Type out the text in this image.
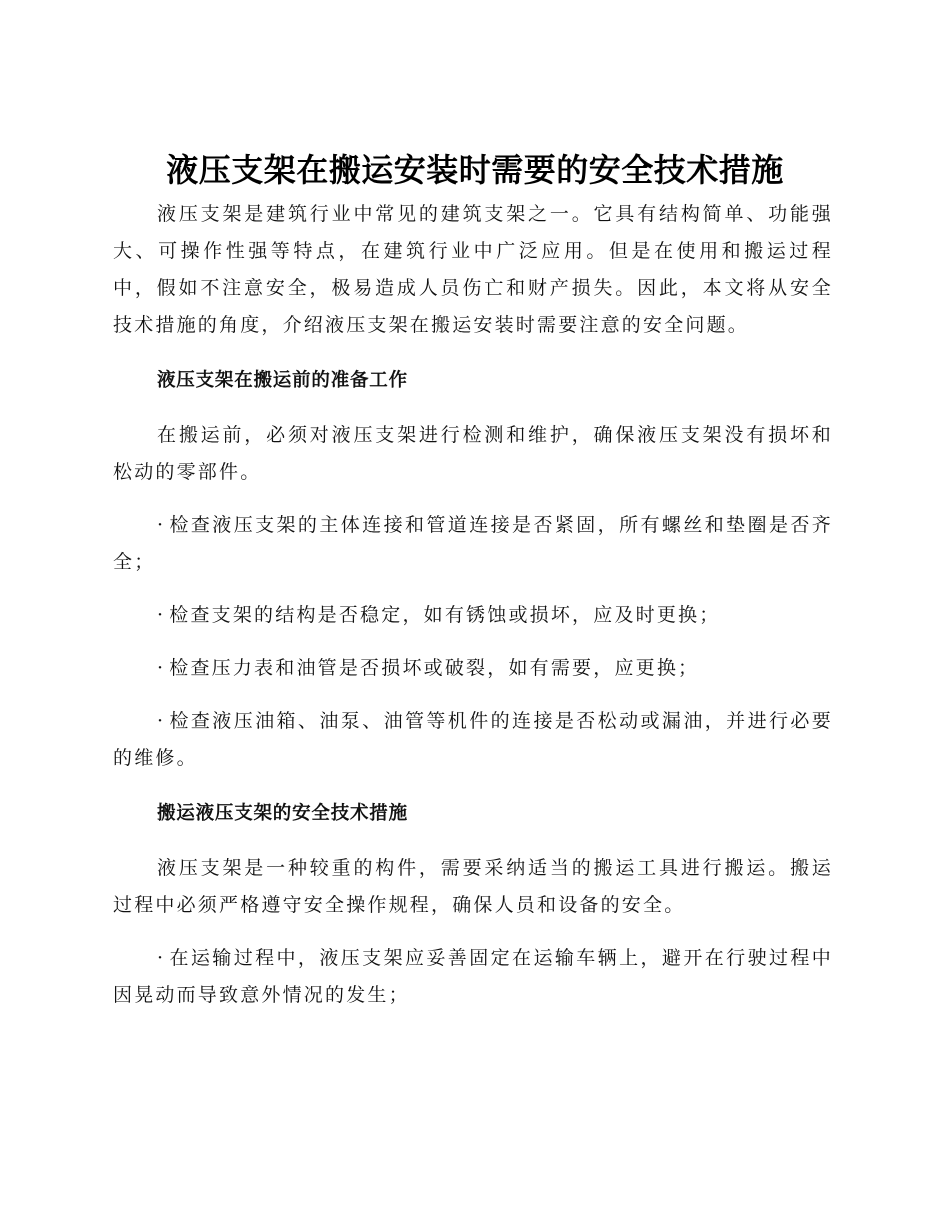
液压支架在搬运安装时需要的安全技术措施

液压支架是建筑行业中常见的建筑支架之一。它具有结构简单、功能强大、可操作性强等特点，在建筑行业中广泛应用。但是在使用和搬运过程中，假如不注意安全，极易造成人员伤亡和财产损失。因此，本文将从安全技术措施的角度，介绍液压支架在搬运安装时需要注意的安全问题。

液压支架在搬运前的准备工作

在搬运前，必须对液压支架进行检测和维护，确保液压支架没有损坏和松动的零部件。

· 检查液压支架的主体连接和管道连接是否紧固，所有螺丝和垫圈是否齐全；

· 检查支架的结构是否稳定，如有锈蚀或损坏，应及时更换；

· 检查压力表和油管是否损坏或破裂，如有需要，应更换；

· 检查液压油箱、油泵、油管等机件的连接是否松动或漏油，并进行必要的维修。

搬运液压支架的安全技术措施

液压支架是一种较重的构件，需要采纳适当的搬运工具进行搬运。搬运过程中必须严格遵守安全操作规程，确保人员和设备的安全。

· 在运输过程中，液压支架应妥善固定在运输车辆上，避开在行驶过程中因晃动而导致意外情况的发生；
